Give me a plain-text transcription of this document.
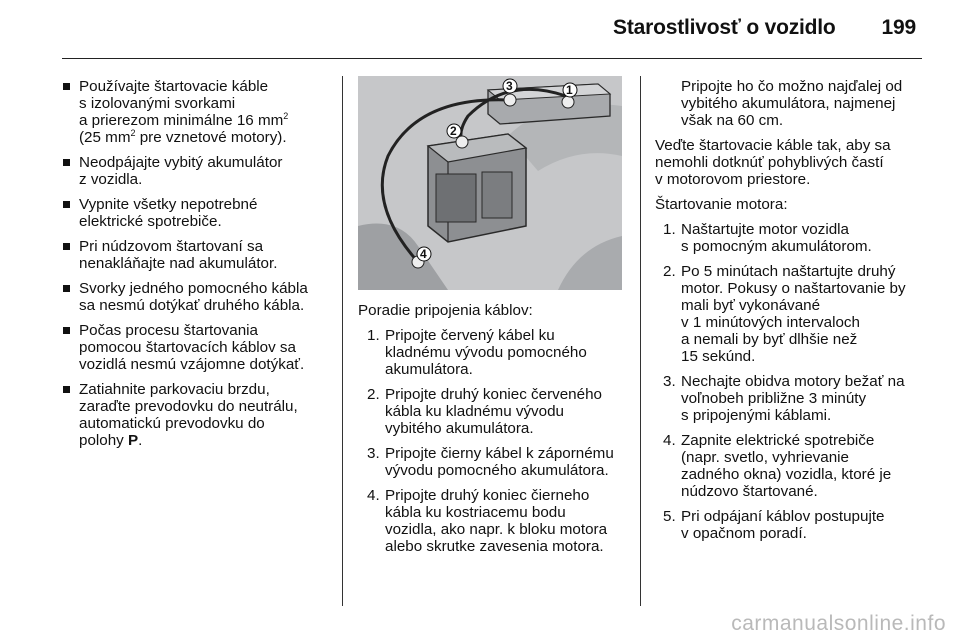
Starostlivosť o vozidlo 199
Používajte štartovacie káble
s izolovanými svorkami
a prierezom minimálne 16 $mm^2$
(25 $mm^2$ pre vznetové motory).
Neodpájajte vybitý akumulátor
z vozidla.
Vypnite všetky nepotrebné
elektrické spotrebiče.
Pri núdzovom štartovaní sa
nenakláňajte nad akumulátor.
Svorky jedného pomocného kábla
sa nesmú dotýkať druhého kábla.
Počas procesu štartovania
pomocou štartovacích káblov sa
vozidlá nesmú vzájomne dotýkať.
Zatiahnite parkovaciu brzdu,
zaraďte prevodovku do neutrálu,
automatickú prevodovku do
polohy P.
1
2
3
4
Poradie pripojenia káblov:
1. Pripojte červený kábel ku
kladnému vývodu pomocného
akumulátora.
2. Pripojte druhý koniec červeného
kábla ku kladnému vývodu
vybitého akumulátora.
3. Pripojte čierny kábel k zápornému
vývodu pomocného akumulátora.
4. Pripojte druhý koniec čierneho
kábla ku kostriacemu bodu
vozidla, ako napr. k bloku motora
alebo skrutke zavesenia motora.
Pripojte ho čo možno najďalej od
vybitého akumulátora, najmenej
však na 60 cm.
Veďte štartovacie káble tak, aby sa
nemohli dotknúť pohyblivých častí
v motorovom priestore.
Štartovanie motora:
1. Naštartujte motor vozidla
s pomocným akumulátorom.
2. Po 5 minútach naštartujte druhý
motor. Pokusy o naštartovanie by
mali byť vykonávané
v 1 minútových intervaloch
a nemali by byť dlhšie než
15 sekúnd.
3. Nechajte obidva motory bežať na
voľnobeh približne 3 minúty
s pripojenými káblami.
4. Zapnite elektrické spotrebiče
(napr. svetlo, vyhrievanie
zadného okna) vozidla, ktoré je
núdzovo štartované.
5. Pri odpájaní káblov postupujte
v opačnom poradí.
carmanualsonline.info
